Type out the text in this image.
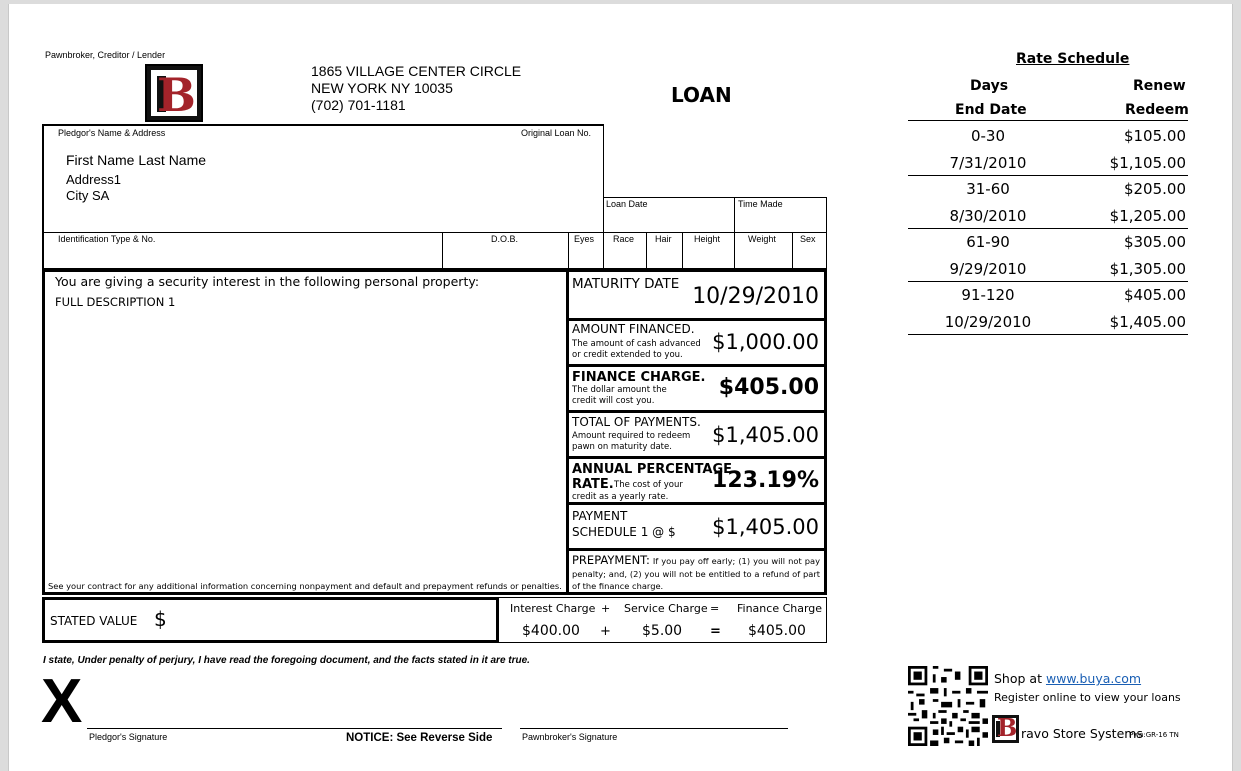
Pawnbroker, Creditor / Lender
B	1865 VILLAGE CENTER CIRCLE
NEW YORK NY 10035
(702) 701-1181	LOAN
Pledgor's Name & Address	Original Loan No.
First Name Last Name
Address1
City SA
Loan Date	Time Made
Identification Type & No.	D.O.B.	Eyes Race Hair Height	Weight	Sex
You are giving a security interest in the following personal property:
FULL DESCRIPTION 1
See your contract for any additional information concerning nonpayment and default and prepayment refunds or penalties.
MATURITY DATE 10/29/2010
AMOUNT FINANCED.
The amount of cash advanced
or credit extended to you.
$1,000.00
FINANCE CHARGE.
The dollar amount the
credit will cost you.
$405.00
TOTAL OF PAYMENTS.
Amount required to redeem
pawn on maturity date.	$1,405.00
ANNUAL PERCENTAGE
RATE. The cost of your
credit as a yearly rate.
123.19%
PAYMENT
SCHEDULE 1 @ $ $1,405.00
PREPAYMENT: If you pay off early; (1) you will not pay penalty; and, (2) you will not be entitled to a refund of part of the finance charge.
STATED VALUE $	Interest Charge + Service Charge = Finance Charge
$400.00 + $5.00 = $405.00
I state, Under penalty of perjury, I have read the foregoing document, and the facts stated in it are true.
X
Pledgor's Signature	NOTICE: See Reverse Side	Pawnbroker's Signature
Rate Schedule
Days	Renew
End Date	Redeem
0-30	$105.00
7/31/2010	$1,105.00
31-60	$205.00
8/30/2010	$1,205.00
61-90	$305.00
9/29/2010	$1,305.00
91-120	$405.00
10/29/2010	$1,405.00
Shop at www.buya.com
Register online to view your loans
B ravo Store Systems
Pwn:GR-16 TN
